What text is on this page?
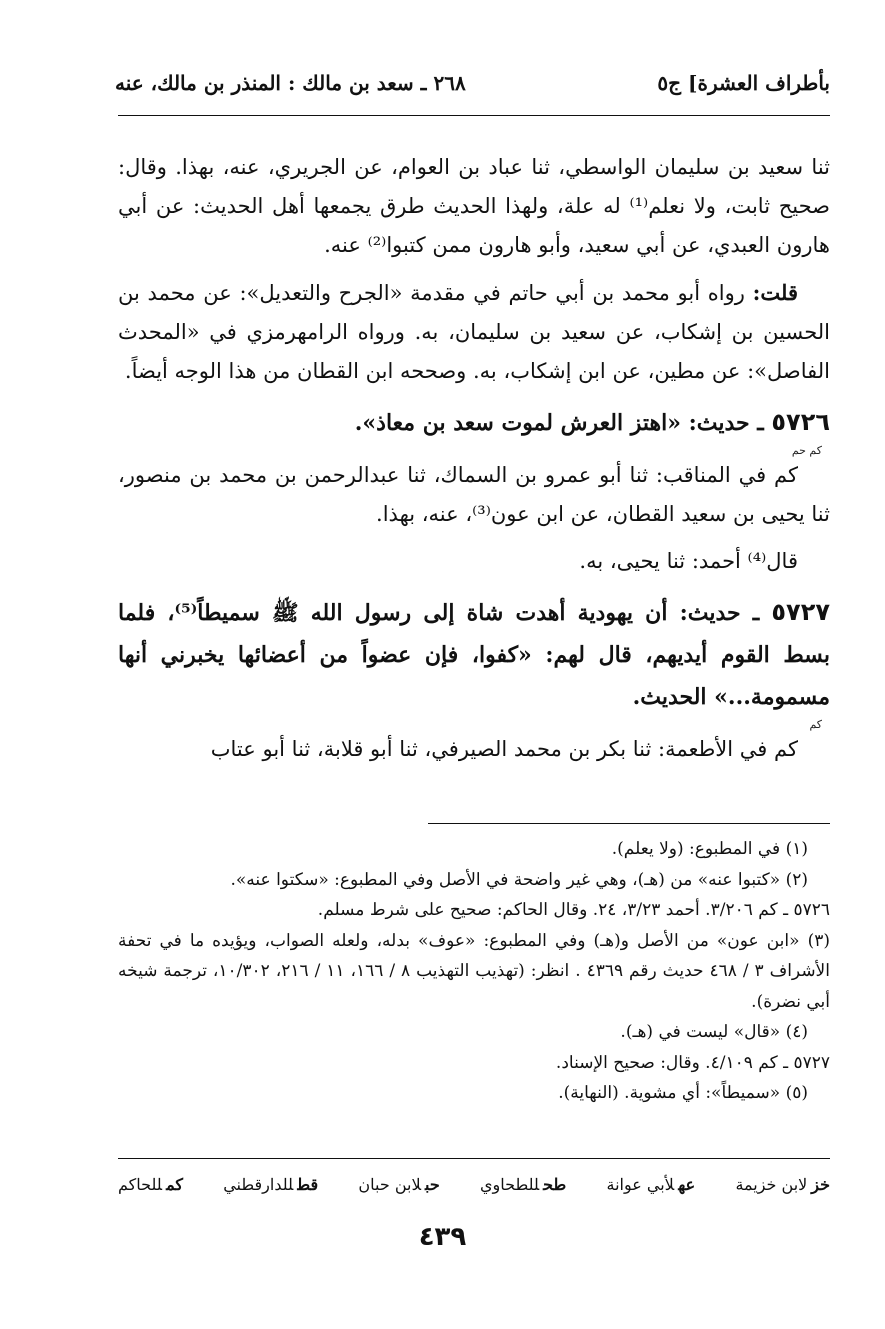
بأطراف العشرة] ج٥
٢٦٨ ـ سعد بن مالك : المنذر بن مالك، عنه

ثنا سعيد بن سليمان الواسطي، ثنا عباد بن العوام، عن الجريري، عنه، بهذا. وقال: صحيح ثابت، ولا نعلم⁽¹⁾ له علة، ولهذا الحديث طرق يجمعها أهل الحديث: عن أبي هارون العبدي، عن أبي سعيد، وأبو هارون ممن كتبوا⁽²⁾ عنه.

قلت: رواه أبو محمد بن أبي حاتم في مقدمة «الجرح والتعديل»: عن محمد بن الحسين بن إشكاب، عن سعيد بن سليمان، به. ورواه الرامهرمزي في «المحدث الفاصل»: عن مطين، عن ابن إشكاب، به. وصححه ابن القطان من هذا الوجه أيضاً.

٥٧٢٦ ـ حديث: «اهتز العرش لموت سعد بن معاذ».
كم حم

كم في المناقب: ثنا أبو عمرو بن السماك، ثنا عبدالرحمن بن محمد بن منصور، ثنا يحيى بن سعيد القطان، عن ابن عون⁽³⁾، عنه، بهذا.

قال⁽⁴⁾ أحمد: ثنا يحيى، به.

٥٧٢٧ ـ حديث: أن يهودية أهدت شاة إلى رسول الله ﷺ سميطاً⁽⁵⁾، فلما بسط القوم أيديهم، قال لهم: «كفوا، فإن عضواً من أعضائها يخبرني أنها مسمومة...» الحديث.
كم

كم في الأطعمة: ثنا بكر بن محمد الصيرفي، ثنا أبو قلابة، ثنا أبو عتاب

(١) في المطبوع: (ولا يعلم).

(٢) «كتبوا عنه» من (هـ)، وهي غير واضحة في الأصل وفي المطبوع: «سكتوا عنه».

٥٧٢٦ ـ كم ٣/٢٠٦. أحمد ٣/٢٣، ٢٤. وقال الحاكم: صحيح على شرط مسلم.

(٣) «ابن عون» من الأصل و(هـ) وفي المطبوع: «عوف» بدله، ولعله الصواب، ويؤيده ما في تحفة الأشراف ٣ / ٤٦٨ حديث رقم ٤٣٦٩ . انظر: (تهذيب التهذيب ٨ / ١٦٦، ١١ / ٢١٦، ١٠/٣٠٢، ترجمة شيخه أبي نضرة).

(٤) «قال» ليست في (هـ).

٥٧٢٧ ـ كم ٤/١٠٩. وقال: صحيح الإسناد.

(٥) «سميطاً»: أي مشوية. (النهاية).

خزلابن خزيمة
عهلأبي عوانة
طحللطحاوي
حبلابن حبان
قطللدارقطني
كمللحاكم
٤٣٩
